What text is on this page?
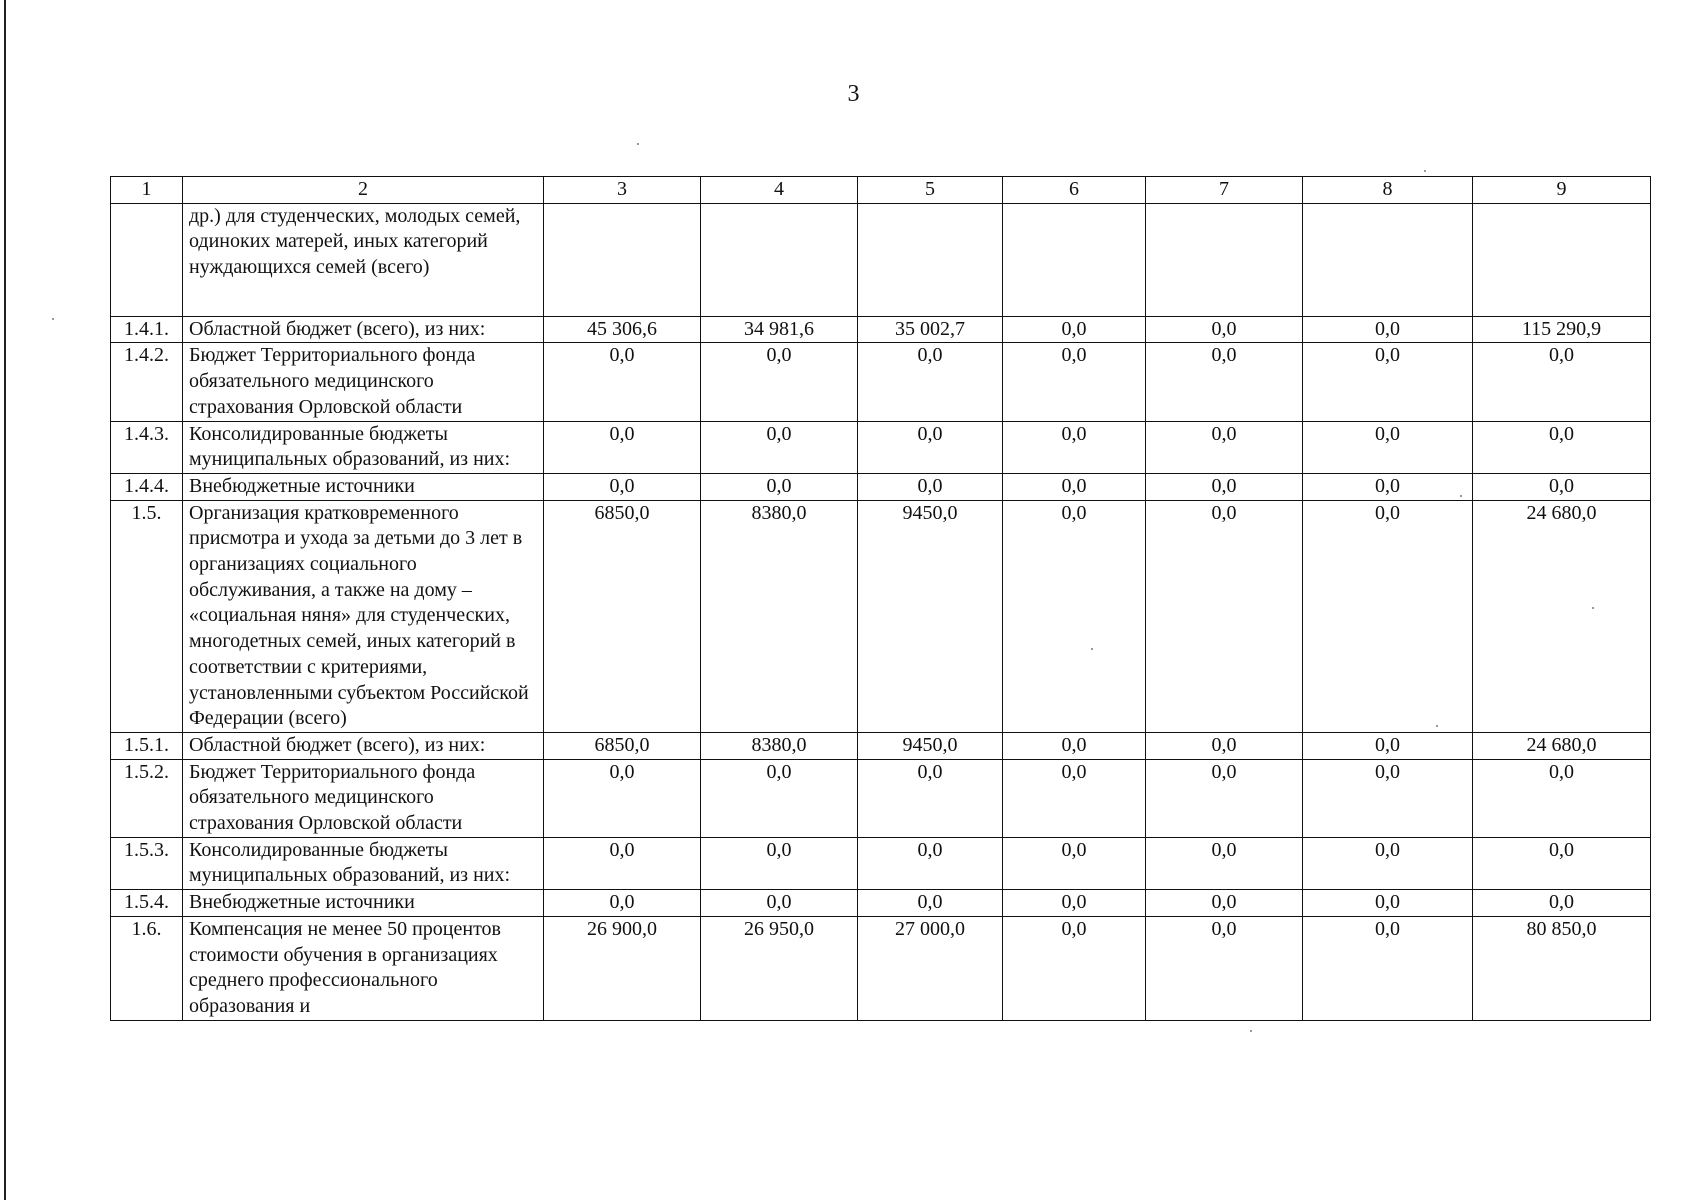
3
1	2	3	4	5	6	7	8	9
	др.) для студенческих, молодых семей, одиноких матерей, иных категорий нуждающихся семей (всего)							
1.4.1.	Областной бюджет (всего), из них:	45 306,6	34 981,6	35 002,7	0,0	0,0	0,0	115 290,9
1.4.2.	Бюджет Территориального фонда обязательного медицинского страхования Орловской области	0,0	0,0	0,0	0,0	0,0	0,0	0,0
1.4.3.	Консолидированные бюджеты муниципальных образований, из них:	0,0	0,0	0,0	0,0	0,0	0,0	0,0
1.4.4.	Внебюджетные источники	0,0	0,0	0,0	0,0	0,0	0,0	0,0
1.5.	Организация кратковременного присмотра и ухода за детьми до 3 лет в организациях социального обслуживания, а также на дому – «социальная няня» для студенческих, многодетных семей, иных категорий в соответствии с критериями, установленными субъектом Российской Федерации (всего)	6850,0	8380,0	9450,0	0,0	0,0	0,0	24 680,0
1.5.1.	Областной бюджет (всего), из них:	6850,0	8380,0	9450,0	0,0	0,0	0,0	24 680,0
1.5.2.	Бюджет Территориального фонда обязательного медицинского страхования Орловской области	0,0	0,0	0,0	0,0	0,0	0,0	0,0
1.5.3.	Консолидированные бюджеты муниципальных образований, из них:	0,0	0,0	0,0	0,0	0,0	0,0	0,0
1.5.4.	Внебюджетные источники	0,0	0,0	0,0	0,0	0,0	0,0	0,0
1.6.	Компенсация не менее 50 процентов стоимости обучения в организациях среднего профессионального образования и	26 900,0	26 950,0	27 000,0	0,0	0,0	0,0	80 850,0
